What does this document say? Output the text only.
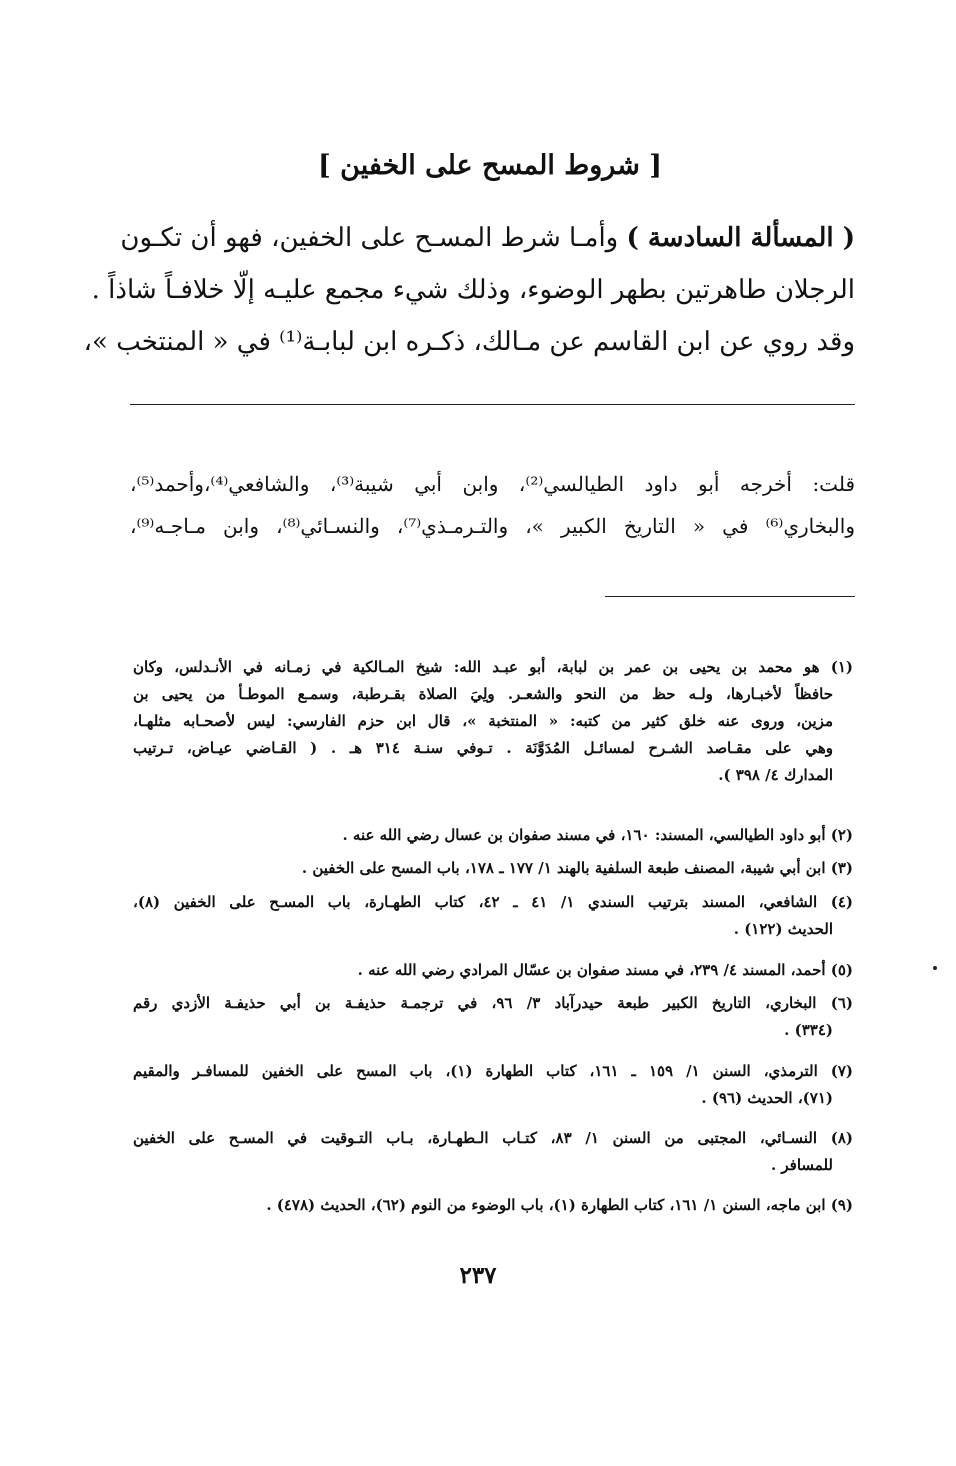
[ شروط المسح على الخفين ]
( المسألة السادسة ) وأمـا شرط المسـح على الخفين، فهو أن تكـون
الرجلان طاهرتين بطهر الوضوء، وذلك شيء مجمع عليـه إلّا خلافـاً شاذاً .
وقد روي عن ابن القاسم عن مـالك، ذكـره ابن لبابـة⁽¹⁾ في « المنتخب »،
قلت: أخرجه أبو داود الطيالسي⁽²⁾، وابن أبي شيبة⁽³⁾، والشافعي⁽⁴⁾،وأحمد⁽⁵⁾،
والبخاري⁽⁶⁾ في « التاريخ الكبير »، والتـرمـذي⁽⁷⁾، والنسـائي⁽⁸⁾، وابن مـاجـه⁽⁹⁾،
(١) هو محمد بن يحيى بن عمر بن لبابة، أبو عبـد الله: شيخ المـالكية في زمـانه في الأنـدلس، وكان
حافظاً لأخبـارها، ولـه حظ من النحو والشعـر. ولِيَ الصلاة بقـرطبة، وسمـع الموطـأ من يحيى بن
مزين، وروى عنه خلق كثير من كتبه: « المنتخبة »، قال ابن حزم الفارسي: ليس لأصحـابه مثلهـا،
وهي على مقـاصد الشـرح لمسائـل المُدَوَّنَة . تـوفي سنـة ٣١٤ هـ . ( القـاضي عيـاض، تـرتيب
المدارك ٤/ ٣٩٨ ).
(٢) أبو داود الطيالسي، المسند: ١٦٠، في مسند صفوان بن عسال رضي الله عنه .
(٣) ابن أبي شيبة، المصنف طبعة السلفية بالهند ١/ ١٧٧ ـ ١٧٨، باب المسح على الخفين .
(٤) الشافعي، المسند بترتيب السندي ١/ ٤١ ـ ٤٢، كتاب الطهـارة، باب المسـح على الخفين (٨)،
الحديث (١٢٢) .
(٥) أحمد، المسند ٤/ ٢٣٩، في مسند صفوان بن عسّال المرادي رضي الله عنه .
(٦) البخاري، التاريخ الكبير طبعة حيدرآباد ٣/ ٩٦، في ترجمـة حذيفـة بن أبي حذيفـة الأزدي رقم
(٣٣٤) .
(٧) الترمذي، السنن ١/ ١٥٩ ـ ١٦١، كتاب الطهارة (١)، باب المسح على الخفين للمسافـر والمقيم
(٧١)، الحديث (٩٦) .
(٨) النسـائي، المجتبى من السنن ١/ ٨٣، كتـاب الـطهـارة، بـاب التـوقيت في المسـح على الخفين
للمسافر .
(٩) ابن ماجه، السنن ١/ ١٦١، كتاب الطهارة (١)، باب الوضوء من النوم (٦٢)، الحديث (٤٧٨) .
٢٣٧
